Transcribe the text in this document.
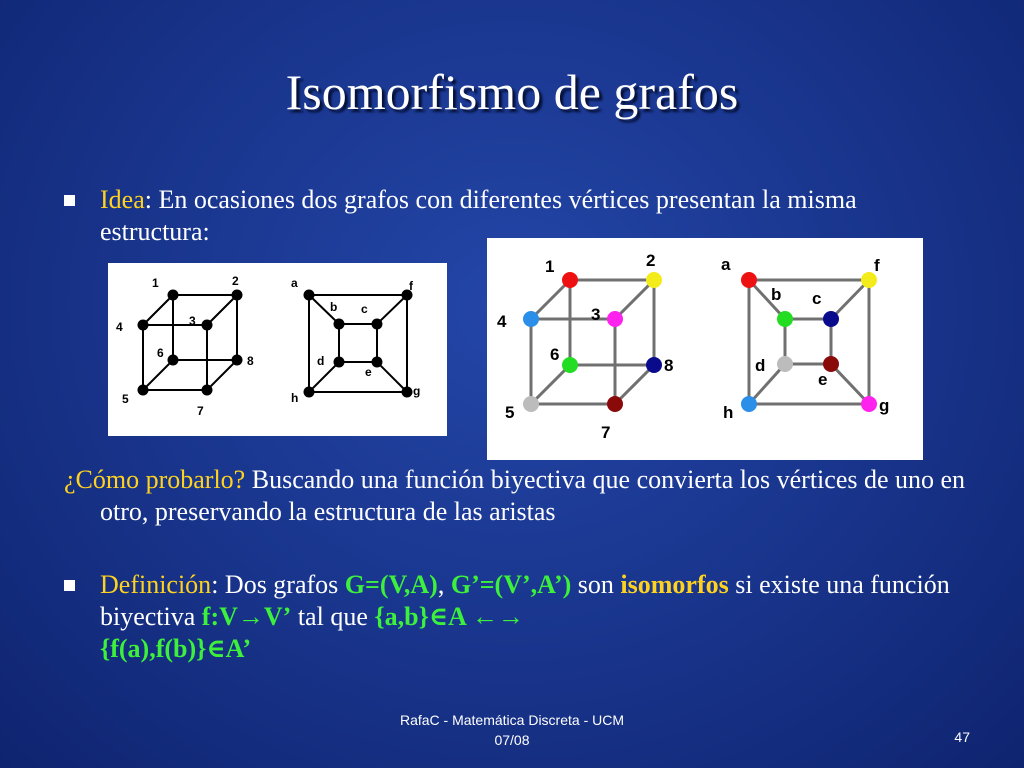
Isomorfismo de grafos
Idea: En ocasiones dos grafos con diferentes vértices presentan la misma estructura:
1	2
3
4
5
6
7
8
a
b c
d
e
f
g
h
1	2
3
4
5
6
7
8
a
b c
d
e
f
g
h
¿Cómo probarlo? Buscando una función biyectiva que convierta los vértices de uno en otro, preservando la estructura de las aristas
Definición: Dos grafos G=(V,A), G’=(V’,A’) son isomorfos si existe una función biyectiva f:V→V’ tal que {a,b}∈A ←→
{f(a),f(b)}∈A’
RafaC - Matemática Discreta - UCM
07/08	47
